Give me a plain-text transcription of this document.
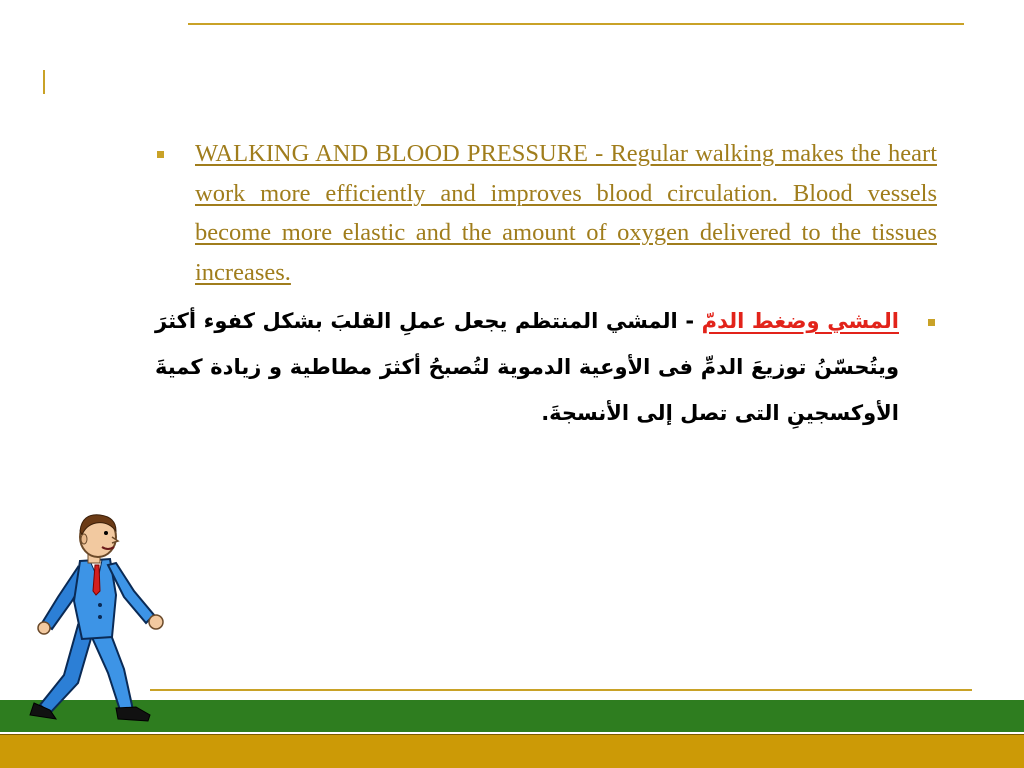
WALKING AND BLOOD PRESSURE - Regular walking makes the heart work more efficiently and improves blood circulation. Blood vessels become more elastic and the amount of oxygen delivered to the tissues increases.
المشي وضغط الدمّ - المشي المنتظم يجعل عملِ القلبَ بشكل كفوء أكثرَ ويتُحسّنُ توزيعَ الدمِّ فى الأوعية الدموية لتُصبحُ أكثرَ مطاطية و زيادة كميةَ الأوكسجينِ التى تصل إلى الأنسجةَ.
